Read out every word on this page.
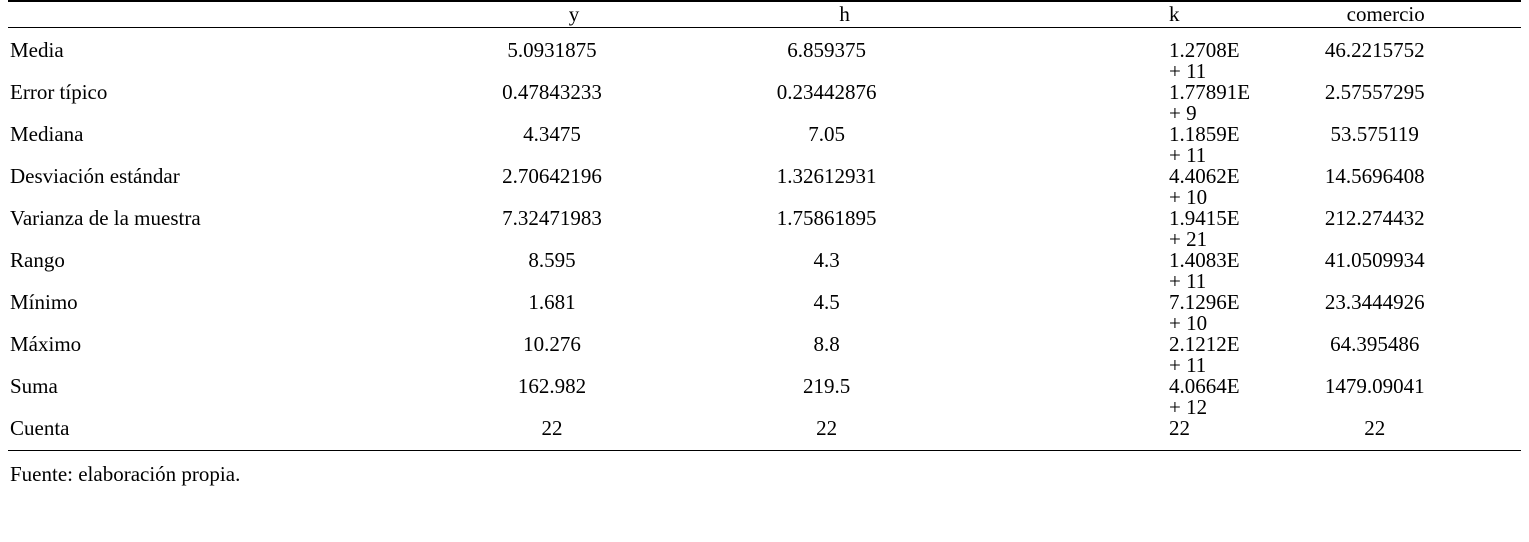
	y	h	k	comercio
Media	5.0931875	6.859375	1.2708E + 11	46.2215752
Error típico	0.47843233	0.23442876	1.77891E + 9	2.57557295
Mediana	4.3475	7.05	1.1859E + 11	53.575119
Desviación estándar	2.70642196	1.32612931	4.4062E + 10	14.5696408
Varianza de la muestra	7.32471983	1.75861895	1.9415E + 21	212.274432
Rango	8.595	4.3	1.4083E + 11	41.0509934
Mínimo	1.681	4.5	7.1296E + 10	23.3444926
Máximo	10.276	8.8	2.1212E + 11	64.395486
Suma	162.982	219.5	4.0664E + 12	1479.09041
Cuenta	22	22	22	22
Fuente: elaboración propia.
